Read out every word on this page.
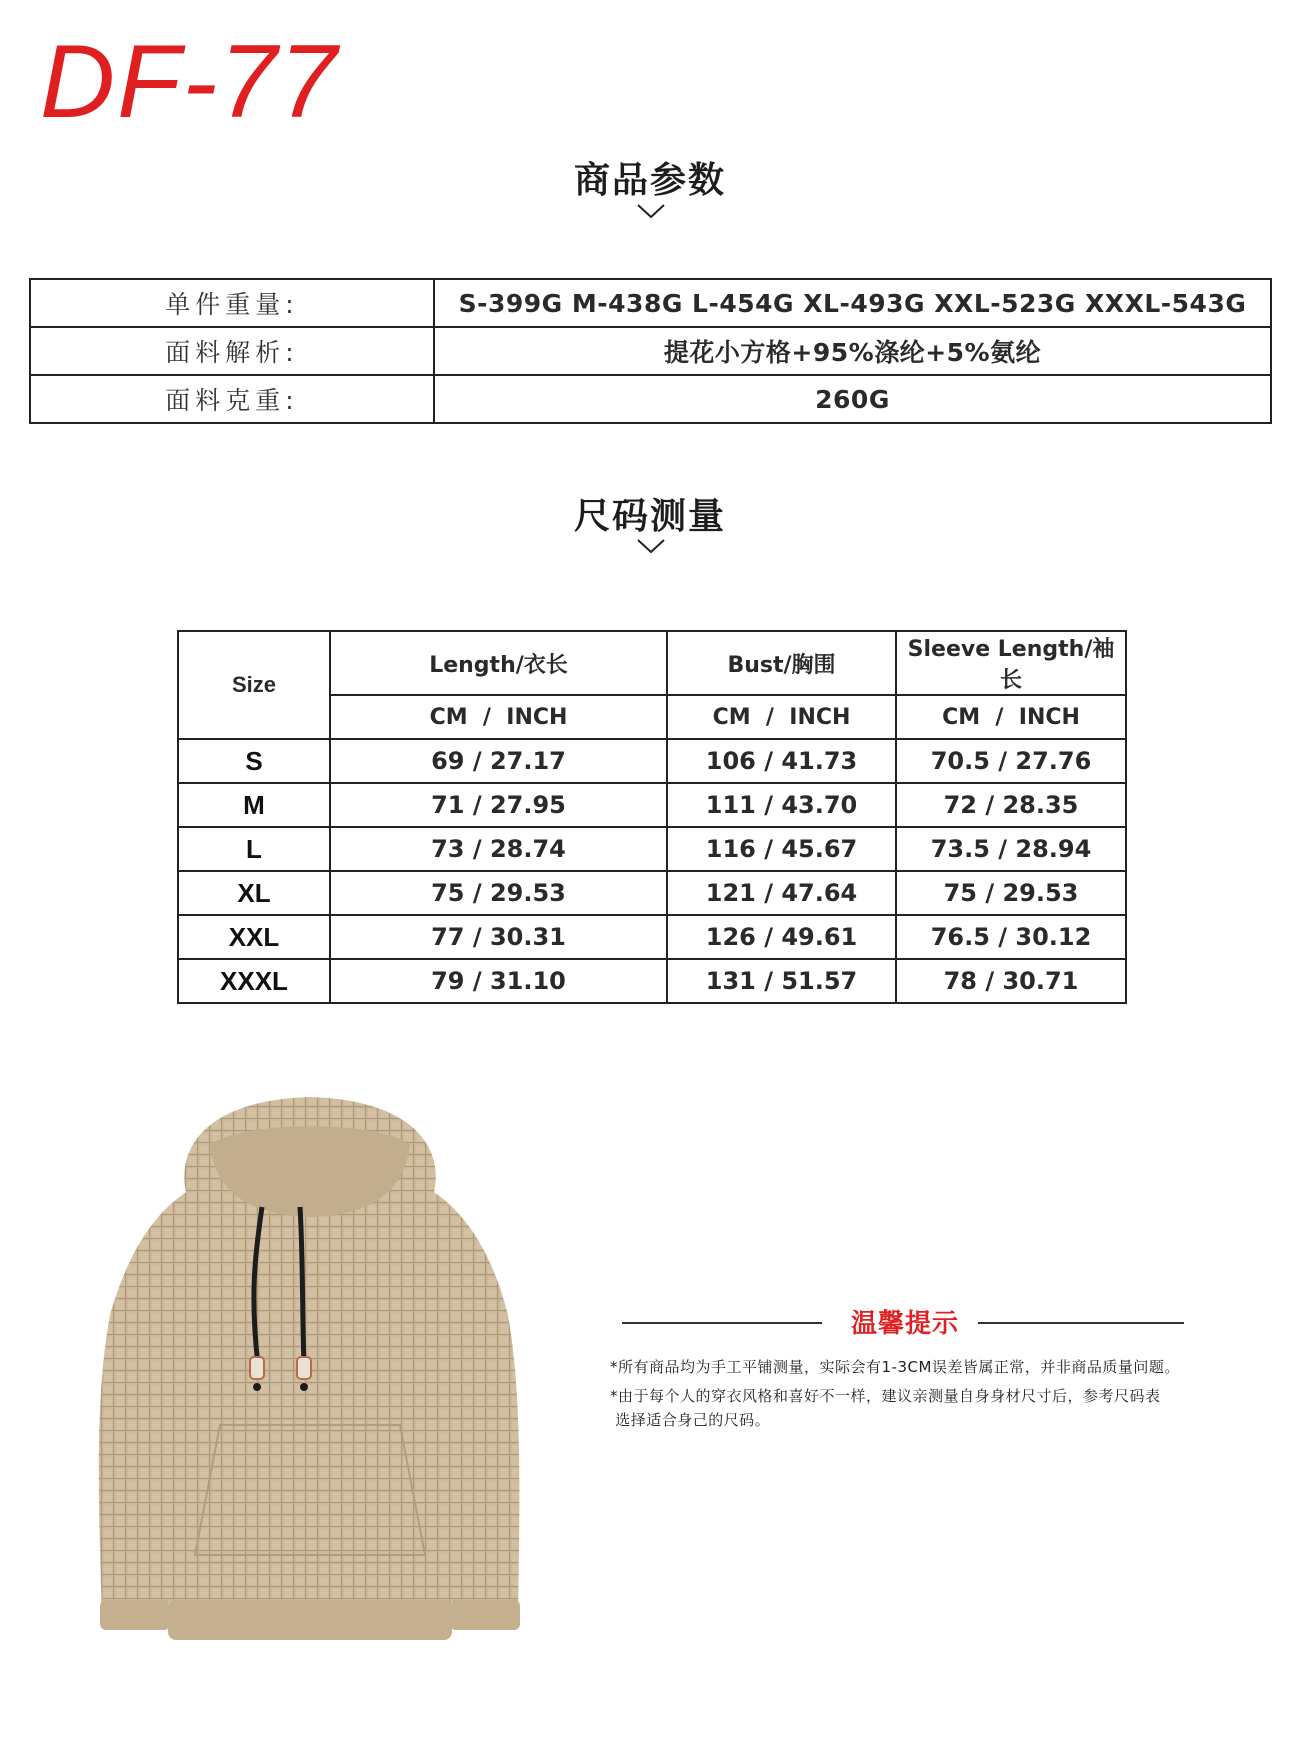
DF-77
商品参数
单件重量:	S-399G M-438G L-454G XL-493G XXL-523G XXXL-543G
面料解析:	提花小方格+95%涤纶+5%氨纶
面料克重:	260G
尺码测量
Size	Length/衣长	Bust/胸围	Sleeve Length/袖长
	CM  /  INCH	CM  /  INCH	CM  /  INCH
S	69 / 27.17	106 / 41.73	70.5 / 27.76
M	71 / 27.95	111 / 43.70	72 / 28.35
L	73 / 28.74	116 / 45.67	73.5 / 28.94
XL	75 / 29.53	121 / 47.64	75 / 29.53
XXL	77 / 30.31	126 / 49.61	76.5 / 30.12
XXXL	79 / 31.10	131 / 51.57	78 / 30.71
温馨提示
*所有商品均为手工平铺测量，实际会有1-3CM误差皆属正常，并非商品质量问题。
*由于每个人的穿衣风格和喜好不一样，建议亲测量自身身材尺寸后，参考尺码表
选择适合身己的尺码。
